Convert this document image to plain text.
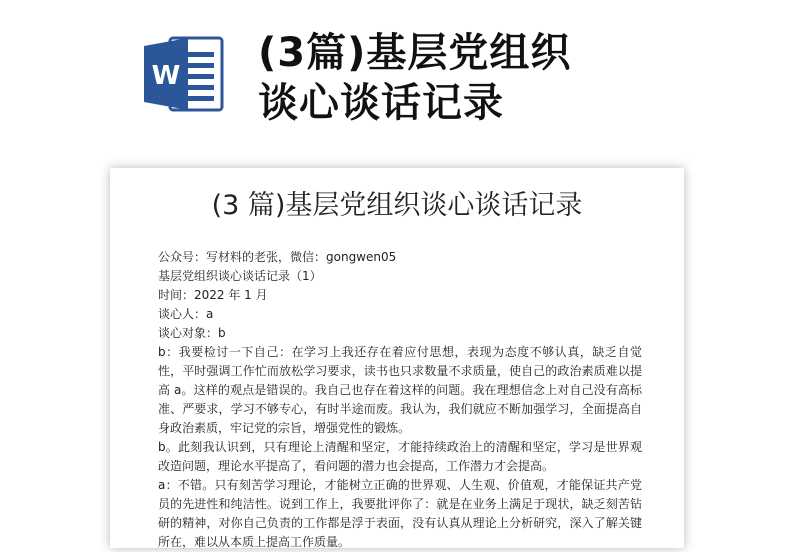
W (3篇)基层党组织
谈心谈话记录
(3 篇)基层党组织谈心谈话记录
公众号：写材料的老张，微信：gongwen05
基层党组织谈心谈话记录（1）
时间：2022 年 1 月
谈心人：a
谈心对象：b
b：我要检讨一下自己：在学习上我还存在着应付思想，表现为态度不够认真，缺乏自觉性，平时强调工作忙而放松学习要求，读书也只求数量不求质量，使自己的政治素质难以提高 a。这样的观点是错误的。我自己也存在着这样的问题。我在理想信念上对自己没有高标准、严要求，学习不够专心，有时半途而废。我认为，我们就应不断加强学习，全面提高自身政治素质，牢记党的宗旨，增强党性的锻炼。
b。此刻我认识到，只有理论上清醒和坚定，才能持续政治上的清醒和坚定，学习是世界观改造问题，理论水平提高了，看问题的潜力也会提高，工作潜力才会提高。
a：不错。只有刻苦学习理论，才能树立正确的世界观、人生观、价值观，才能保证共产党员的先进性和纯洁性。说到工作上，我要批评你了：就是在业务上满足于现状，缺乏刻苦钻研的精神，对你自己负责的工作都是浮于表面，没有认真从理论上分析研究，深入了解关键所在，难以从本质上提高工作质量。
